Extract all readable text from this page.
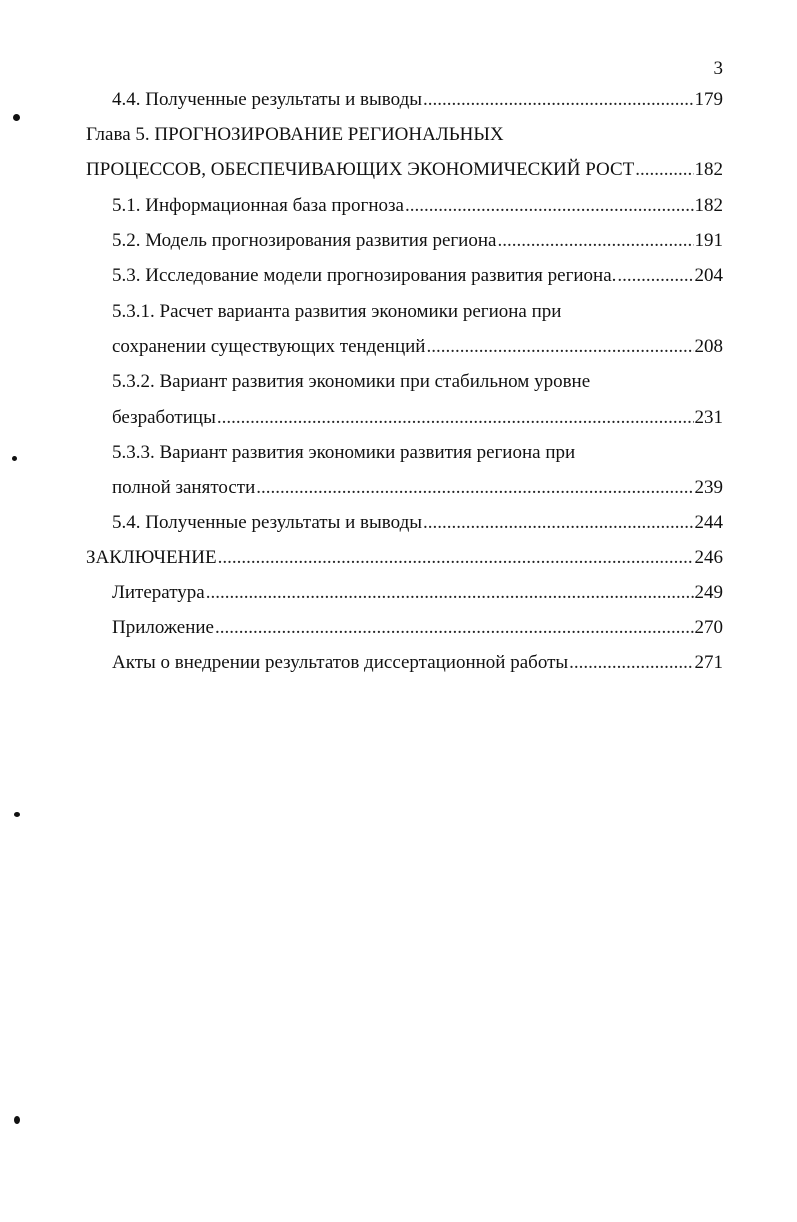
3
4.4. Полученные результаты и выводы .....	179
Глава 5. ПРОГНОЗИРОВАНИЕ РЕГИОНАЛЬНЫХ
ПРОЦЕССОВ, ОБЕСПЕЧИВАЮЩИХ ЭКОНОМИЧЕСКИЙ РОСТ .....	182
5.1. Информационная база прогноза .....	182
5.2. Модель прогнозирования развития региона .....	191
5.3. Исследование модели прогнозирования развития региона. .....	204
5.3.1. Расчет варианта развития экономики региона при
сохранении существующих тенденций .....	208
5.3.2. Вариант развития экономики при стабильном уровне
безработицы .....	231
5.3.3. Вариант развития экономики развития региона при
полной занятости .....	239
5.4. Полученные результаты и выводы .....	244
ЗАКЛЮЧЕНИЕ .....	246
Литература .....	249
Приложение .....	270
Акты о внедрении результатов диссертационной работы .....	271
